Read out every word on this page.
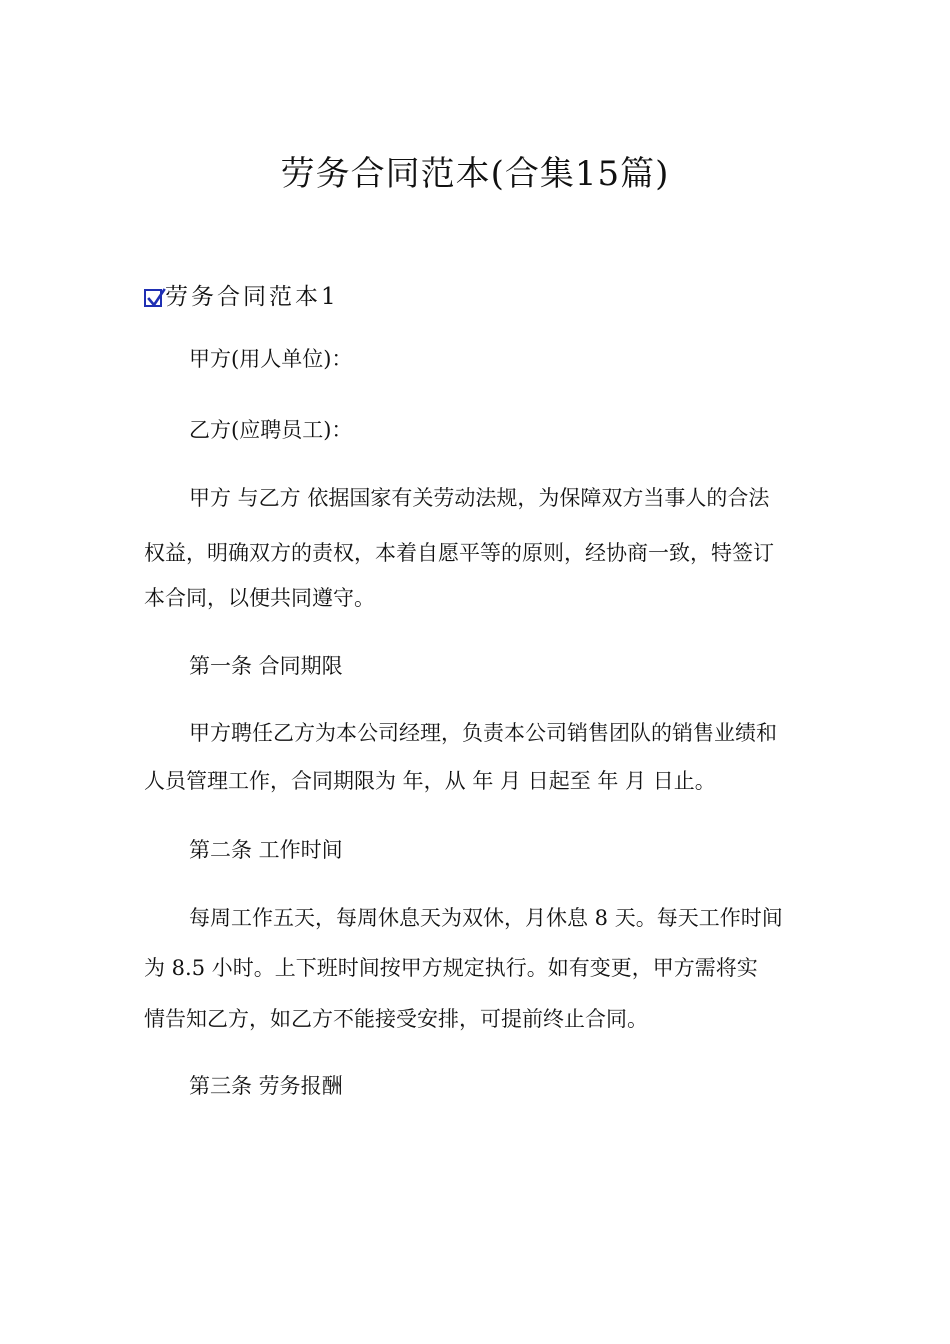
劳务合同范本(合集15篇)
劳务合同范本1
甲方(用人单位)：
乙方(应聘员工)：
甲方 与乙方 依据国家有关劳动法规，为保障双方当事人的合法
权益，明确双方的责权，本着自愿平等的原则，经协商一致，特签订
本合同，以便共同遵守。
第一条 合同期限
甲方聘任乙方为本公司经理，负责本公司销售团队的销售业绩和
人员管理工作，合同期限为 年，从 年 月 日起至 年 月 日止。
第二条 工作时间
每周工作五天，每周休息天为双休，月休息 8 天。每天工作时间
为 8.5 小时。上下班时间按甲方规定执行。如有变更，甲方需将实
情告知乙方，如乙方不能接受安排，可提前终止合同。
第三条 劳务报酬
